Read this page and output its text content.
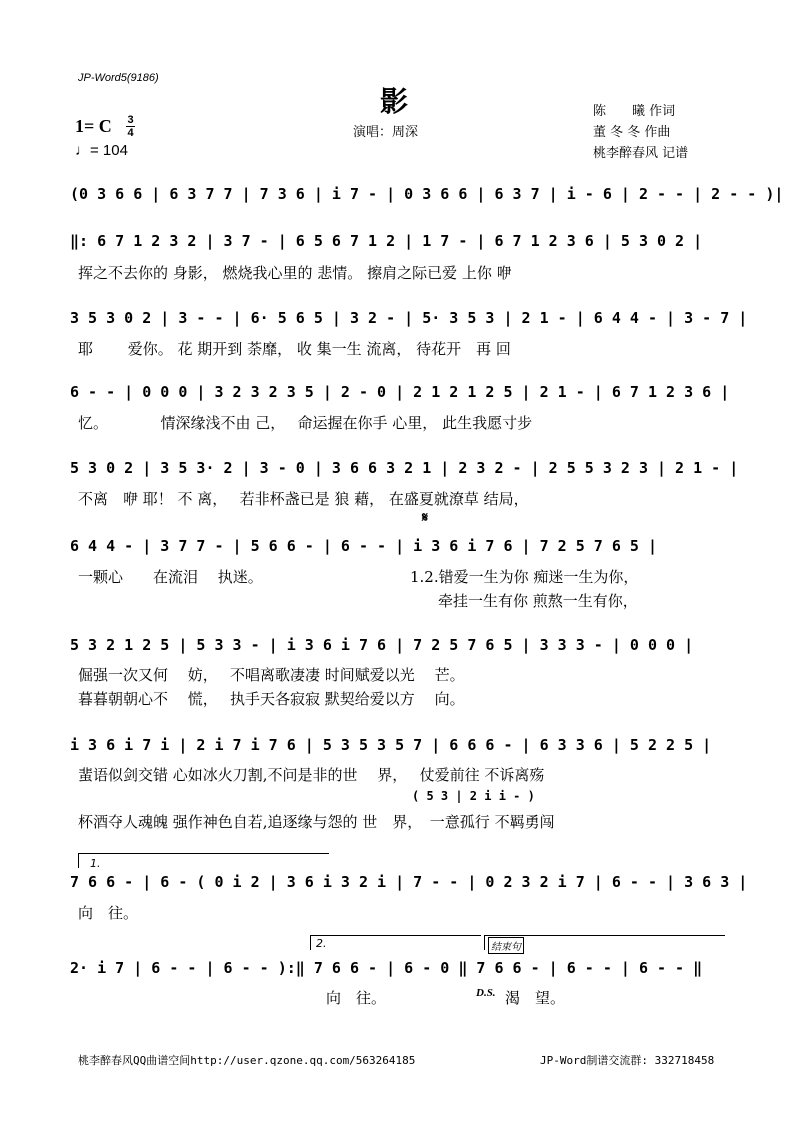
JP-Word5(9186)
影
演唱：周深
1= C 3
4
♩= 104
陈　　曦 作词
董 冬 冬 作曲
桃李醉春风 记谱
(0 3 6 6 | 6 3 7 7 | 7 3 6 | i 7 - | 0 3 6 6 | 6 3 7 | i - 6 | 2 - - | 2 - - )|
‖: 6 7 1 2 3 2 | 3 7 - | 6 5 6 7 1 2 | 1 7 - | 6 7 1 2 3 6 | 5 3 0 2 |
挥之不去你的 身影， 燃烧我心里的 悲情。 擦肩之际已爱 上你 咿
3 5 3 0 2 | 3 - - | 6· 5 6 5 | 3 2 - | 5· 3 5 3 | 2 1 - | 6 4 4 - | 3 - 7 |
耶　　 爱你。 花 期开到 荼靡， 收 集一生 流离， 待花开　再 回
6 - - | 0 0 0 | 3 2 3 2 3 5 | 2 - 0 | 2 1 2 1 2 5 | 2 1 - | 6 7 1 2 3 6 |
忆。　　　　情深缘浅不由 己，　 命运握在你手 心里， 此生我愿寸步
5 3 0 2 | 3 5 3· 2 | 3 - 0 | 3 6 6 3 2 1 | 2 3 2 - | 2 5 5 3 2 3 | 2 1 - |
不离　咿 耶！ 不 离，　 若非杯盏已是 狼 藉， 在盛夏就潦草 结局，
𝄋
6 4 4 - | 3 7 7 - | 5 6 6 - | 6 - - | i 3 6 i 7 6 | 7 2 5 7 6 5 |
一颗心　　在流泪　 执迷。	1.2.错爱一生为你 痴迷一生为你，
牵挂一生有你 煎熬一生有你，
5 3 2 1 2 5 | 5 3 3 - | i 3 6 i 7 6 | 7 2 5 7 6 5 | 3 3 3 - | 0 0 0 |
倔强一次又何　 妨，　 不唱离歌凄凄 时间赋爱以光　 芒。
暮暮朝朝心不　 慌，　 执手天各寂寂 默契给爱以方　 向。
i 3 6 i 7 i | 2 i 7 i 7 6 | 5 3 5 3 5 7 | 6 6 6 - | 6 3 3 6 | 5 2 2 5 |
蜚语似剑交错 心如冰火刀割,不问是非的世　 界，　 仗爱前往 不诉离殇
( 5 3 | 2 i i - )
杯酒夺人魂魄 强作神色自若,追逐缘与怨的 世　界，　一意孤行 不羁勇闯
1.
7 6 6 - | 6 - ( 0 i 2 | 3 6 i 3 2 i | 7 - - | 0 2 3 2 i 7 | 6 - - | 3 6 3 |
向　往。
2.	结束句
2· i 7 | 6 - - | 6 - - ):‖ 7 6 6 - | 6 - 0 ‖ 7 6 6 - | 6 - - | 6 - - ‖
向　往。	D.S. 渴　望。
桃李醉春风QQ曲谱空间http://user.qzone.qq.com/563264185	JP-Word制谱交流群: 332718458
